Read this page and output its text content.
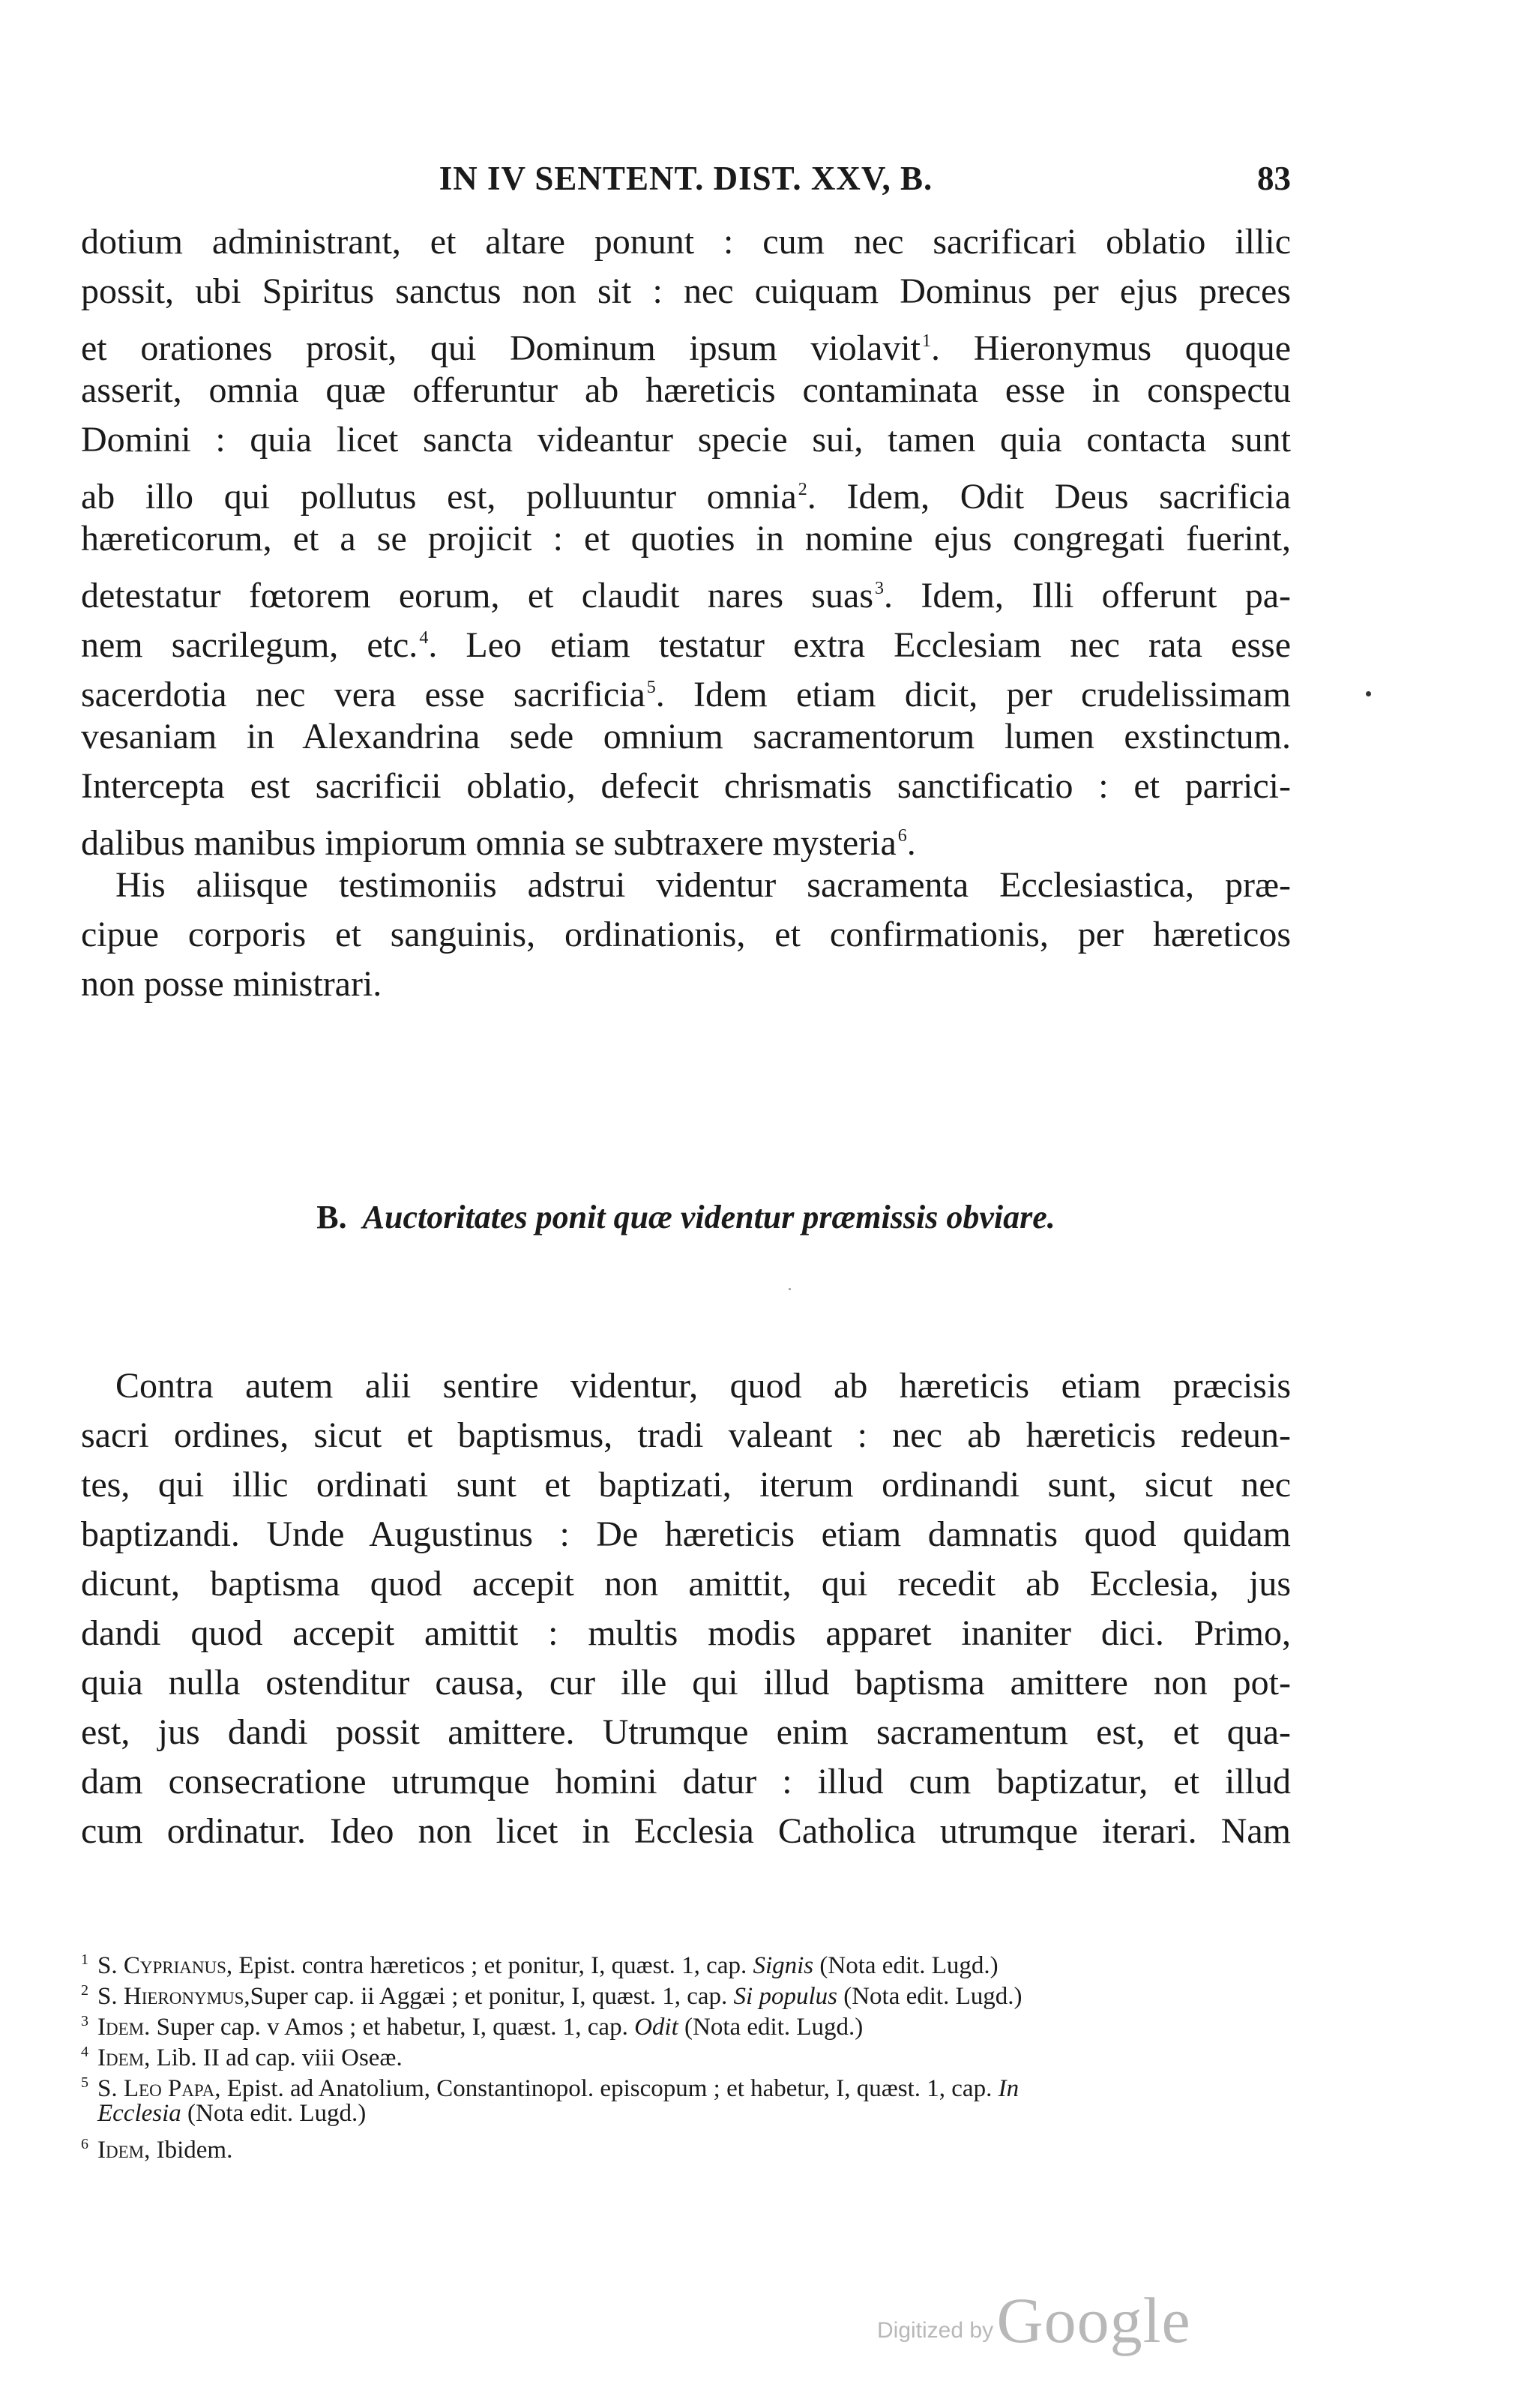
IN IV SENTENT. DIST. XXV, B.	83
dotium administrant, et altare ponunt : cum nec sacrificari oblatio illic
possit, ubi Spiritus sanctus non sit : nec cuiquam Dominus per ejus preces
et orationes prosit, qui Dominum ipsum violavit$^1$. Hieronymus quoque
asserit, omnia quæ offeruntur ab hæreticis contaminata esse in conspectu
Domini : quia licet sancta videantur specie sui, tamen quia contacta sunt
ab illo qui pollutus est, polluuntur omnia$^2$. Idem, Odit Deus sacrificia
hæreticorum, et a se projicit : et quoties in nomine ejus congregati fuerint,
detestatur fœtorem eorum, et claudit nares suas$^3$. Idem, Illi offerunt pa-
nem sacrilegum, etc.$^4$. Leo etiam testatur extra Ecclesiam nec rata esse
sacerdotia nec vera esse sacrificia$^5$. Idem etiam dicit, per crudelissimam
vesaniam in Alexandrina sede omnium sacramentorum lumen exstinctum.
Intercepta est sacrificii oblatio, defecit chrismatis sanctificatio : et parrici-
dalibus manibus impiorum omnia se subtraxere mysteria$^6$.
His aliisque testimoniis adstrui videntur sacramenta Ecclesiastica, præ-
cipue corporis et sanguinis, ordinationis, et confirmationis, per hæreticos
non posse ministrari.
B. Auctoritates ponit quæ videntur præmissis obviare.
Contra autem alii sentire videntur, quod ab hæreticis etiam præcisis
sacri ordines, sicut et baptismus, tradi valeant : nec ab hæreticis redeun-
tes, qui illic ordinati sunt et baptizati, iterum ordinandi sunt, sicut nec
baptizandi. Unde Augustinus : De hæreticis etiam damnatis quod quidam
dicunt, baptisma quod accepit non amittit, qui recedit ab Ecclesia, jus
dandi quod accepit amittit : multis modis apparet inaniter dici. Primo,
quia nulla ostenditur causa, cur ille qui illud baptisma amittere non pot-
est, jus dandi possit amittere. Utrumque enim sacramentum est, et qua-
dam consecratione utrumque homini datur : illud cum baptizatur, et illud
cum ordinatur. Ideo non licet in Ecclesia Catholica utrumque iterari. Nam
1 S. Cyprianus, Epist. contra hæreticos ; et ponitur, I, quæst. 1, cap. Signis (Nota edit. Lugd.)
2 S. Hieronymus,Super cap. ii Aggæi ; et ponitur, I, quæst. 1, cap. Si populus (Nota edit. Lugd.)
3 Idem. Super cap. v Amos ; et habetur, I, quæst. 1, cap. Odit (Nota edit. Lugd.)
4 Idem, Lib. II ad cap. viii Oseæ.
5 S. Leo Papa, Epist. ad Anatolium, Constantinopol. episcopum ; et habetur, I, quæst. 1, cap. In
Ecclesia (Nota edit. Lugd.)
6 Idem, Ibidem.
Digitized by Google
